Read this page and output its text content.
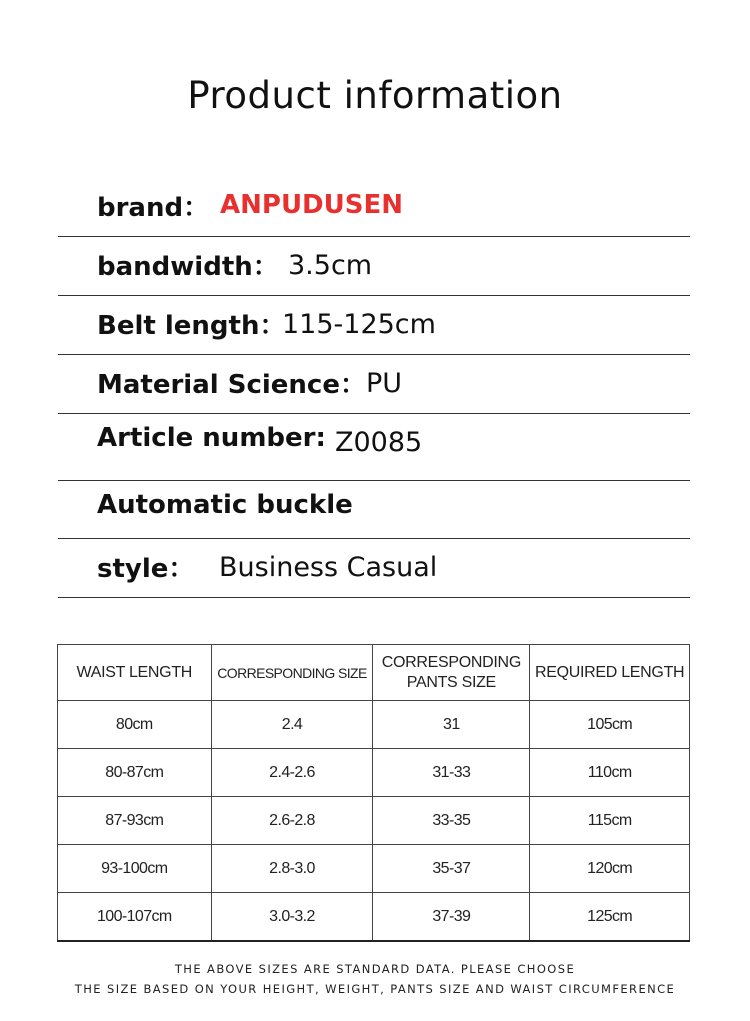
Product information
brand： ANPUDUSEN
bandwidth： 3.5cm
Belt length：
115-125cm
Material Science： PU
Article number: Z0085
Automatic buckle
style： Business Casual
WAIST LENGTH	CORRESPONDING SIZE	CORRESPONDING PANTS SIZE	REQUIRED LENGTH
80cm	2.4	31	105cm
80-87cm	2.4-2.6	31-33	110cm
87-93cm	2.6-2.8	33-35	115cm
93-100cm	2.8-3.0	35-37	120cm
100-107cm	3.0-3.2	37-39	125cm
THE ABOVE SIZES ARE STANDARD DATA. PLEASE CHOOSE
THE SIZE BASED ON YOUR HEIGHT, WEIGHT, PANTS SIZE AND WAIST CIRCUMFERENCE
